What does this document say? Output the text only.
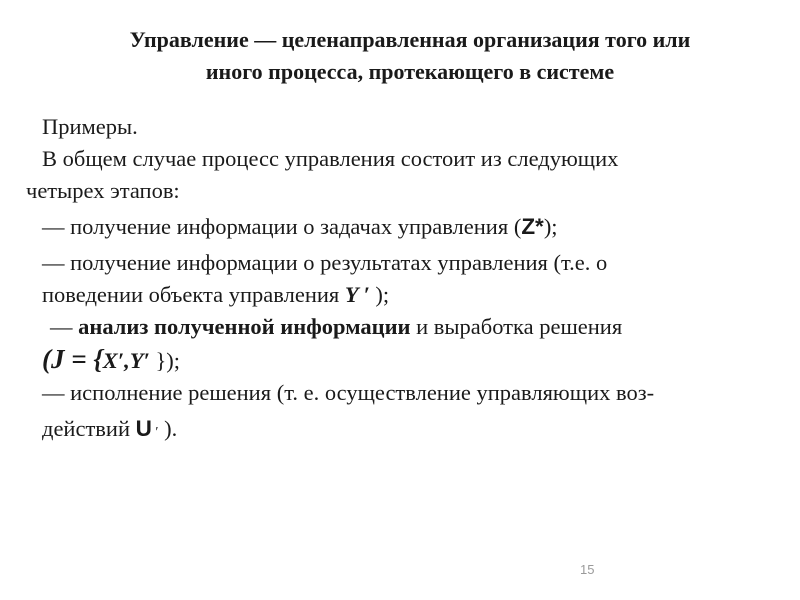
Управление — целенаправленная организация того или
иного процесса, протекающего в системе
Примеры.
В общем случае процесс управления состоит из следующих
четырех этапов:
— получение информации о задачах управления (Z*);
— получение информации о результатах управления (т.е. о
поведении объекта управления Y ′ );
— анализ полученной информации и выработка решения
(J = {X′,Y′ });
— исполнение решения (т. е. осуществление управляющих воз-
действий U ′ ).
15
